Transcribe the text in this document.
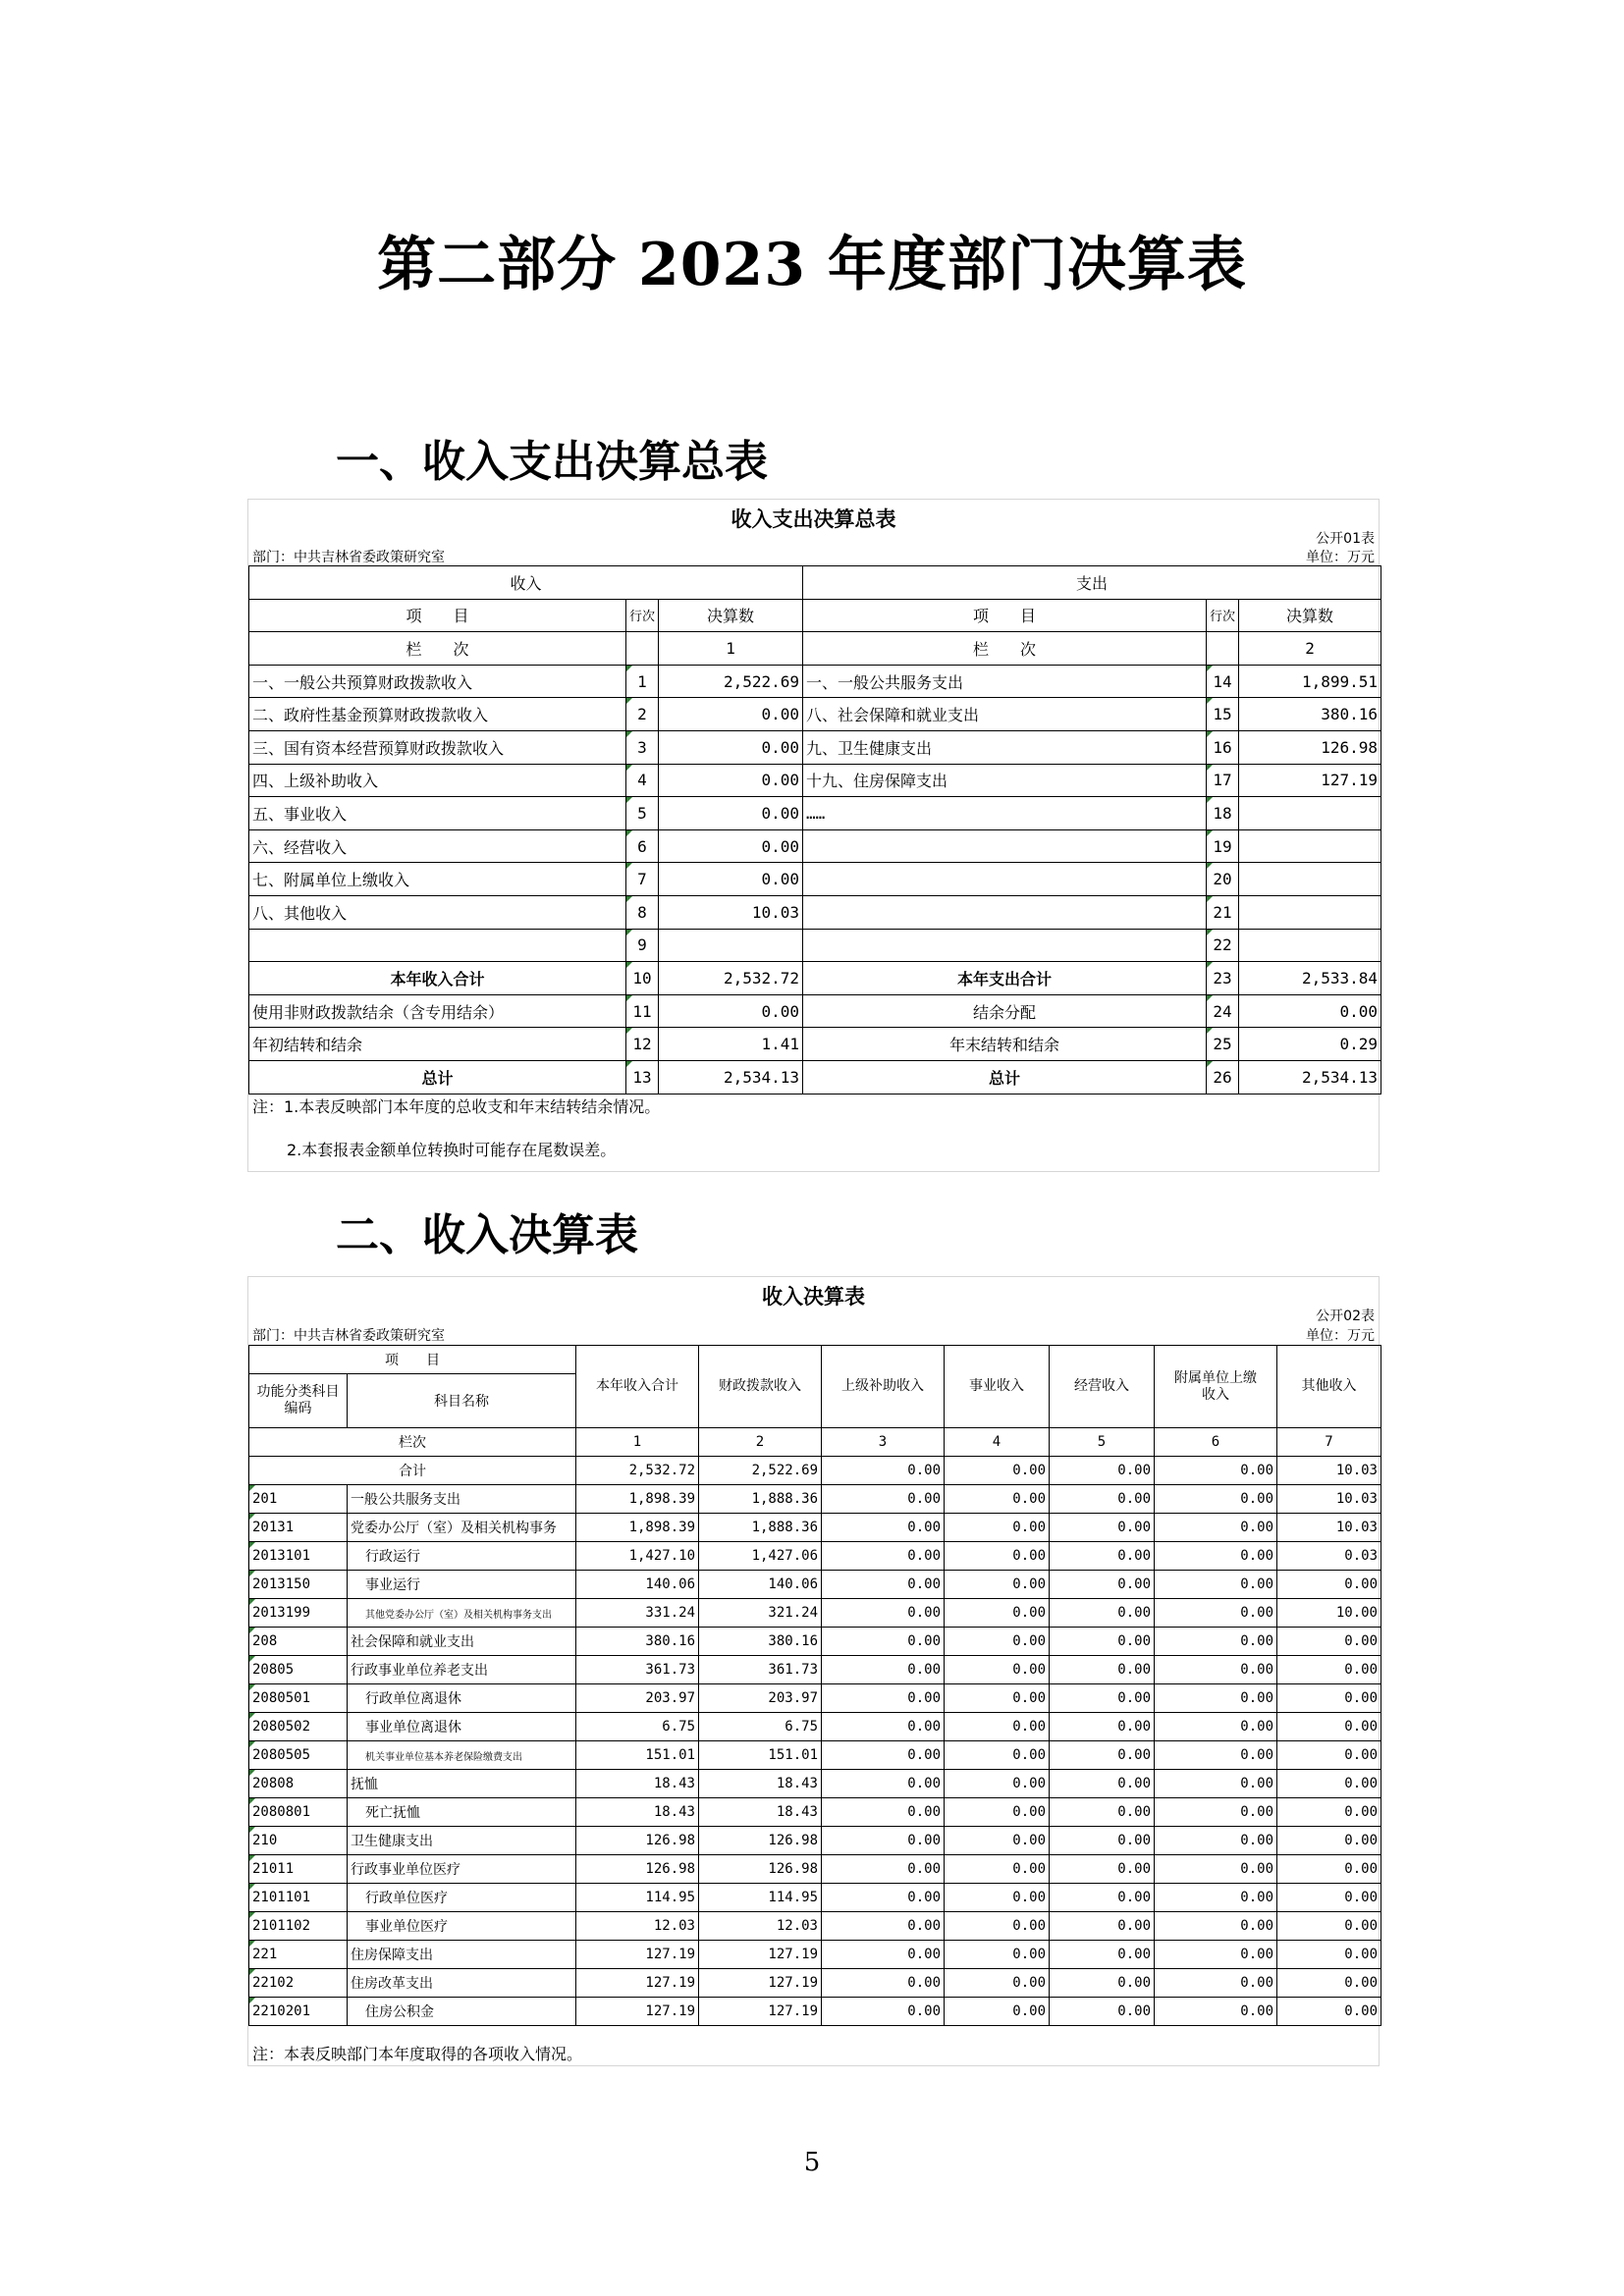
第二部分 2023 年度部门决算表
一、收入支出决算总表
收入支出决算总表
公开01表
部门：中共吉林省委政策研究室	单位：万元
收入			支出		
项　　目	行次	决算数	项　　目	行次	决算数
栏　　次		1	栏　　次		2
一、一般公共预算财政拨款收入	1	2,522.69	一、一般公共服务支出	14	1,899.51
二、政府性基金预算财政拨款收入	2	0.00	八、社会保障和就业支出	15	380.16
三、国有资本经营预算财政拨款收入	3	0.00	九、卫生健康支出	16	126.98
四、上级补助收入	4	0.00	十九、住房保障支出	17	127.19
五、事业收入	5	0.00	……	18	
六、经营收入	6	0.00		19	
七、附属单位上缴收入	7	0.00		20	
八、其他收入	8	10.03		21	
	9			22	
本年收入合计	10	2,532.72	本年支出合计	23	2,533.84
使用非财政拨款结余（含专用结余）	11	0.00	结余分配	24	0.00
年初结转和结余	12	1.41	年末结转和结余	25	0.29
总计	13	2,534.13	总计	26	2,534.13
注：1.本表反映部门本年度的总收支和年末结转结余情况。
2.本套报表金额单位转换时可能存在尾数误差。
二、收入决算表
收入决算表
公开02表
部门：中共吉林省委政策研究室	单位：万元
项　　目		本年收入合计	财政拨款收入	上级补助收入	事业收入	经营收入	附属单位上缴收入	其他收入
功能分类科目编码	科目名称							

栏次		1	2	3	4	5	6	7
合计		2,532.72	2,522.69	0.00	0.00	0.00	0.00	10.03
201	一般公共服务支出	1,898.39	1,888.36	0.00	0.00	0.00	0.00	10.03
20131	党委办公厅（室）及相关机构事务	1,898.39	1,888.36	0.00	0.00	0.00	0.00	10.03
2013101	行政运行	1,427.10	1,427.06	0.00	0.00	0.00	0.00	0.03
2013150	事业运行	140.06	140.06	0.00	0.00	0.00	0.00	0.00
2013199	其他党委办公厅（室）及相关机构事务支出	331.24	321.24	0.00	0.00	0.00	0.00	10.00
208	社会保障和就业支出	380.16	380.16	0.00	0.00	0.00	0.00	0.00
20805	行政事业单位养老支出	361.73	361.73	0.00	0.00	0.00	0.00	0.00
2080501	行政单位离退休	203.97	203.97	0.00	0.00	0.00	0.00	0.00
2080502	事业单位离退休	6.75	6.75	0.00	0.00	0.00	0.00	0.00
2080505	机关事业单位基本养老保险缴费支出	151.01	151.01	0.00	0.00	0.00	0.00	0.00
20808	抚恤	18.43	18.43	0.00	0.00	0.00	0.00	0.00
2080801	死亡抚恤	18.43	18.43	0.00	0.00	0.00	0.00	0.00
210	卫生健康支出	126.98	126.98	0.00	0.00	0.00	0.00	0.00
21011	行政事业单位医疗	126.98	126.98	0.00	0.00	0.00	0.00	0.00
2101101	行政单位医疗	114.95	114.95	0.00	0.00	0.00	0.00	0.00
2101102	事业单位医疗	12.03	12.03	0.00	0.00	0.00	0.00	0.00
221	住房保障支出	127.19	127.19	0.00	0.00	0.00	0.00	0.00
22102	住房改革支出	127.19	127.19	0.00	0.00	0.00	0.00	0.00
2210201	住房公积金	127.19	127.19	0.00	0.00	0.00	0.00	0.00
注：本表反映部门本年度取得的各项收入情况。
5
